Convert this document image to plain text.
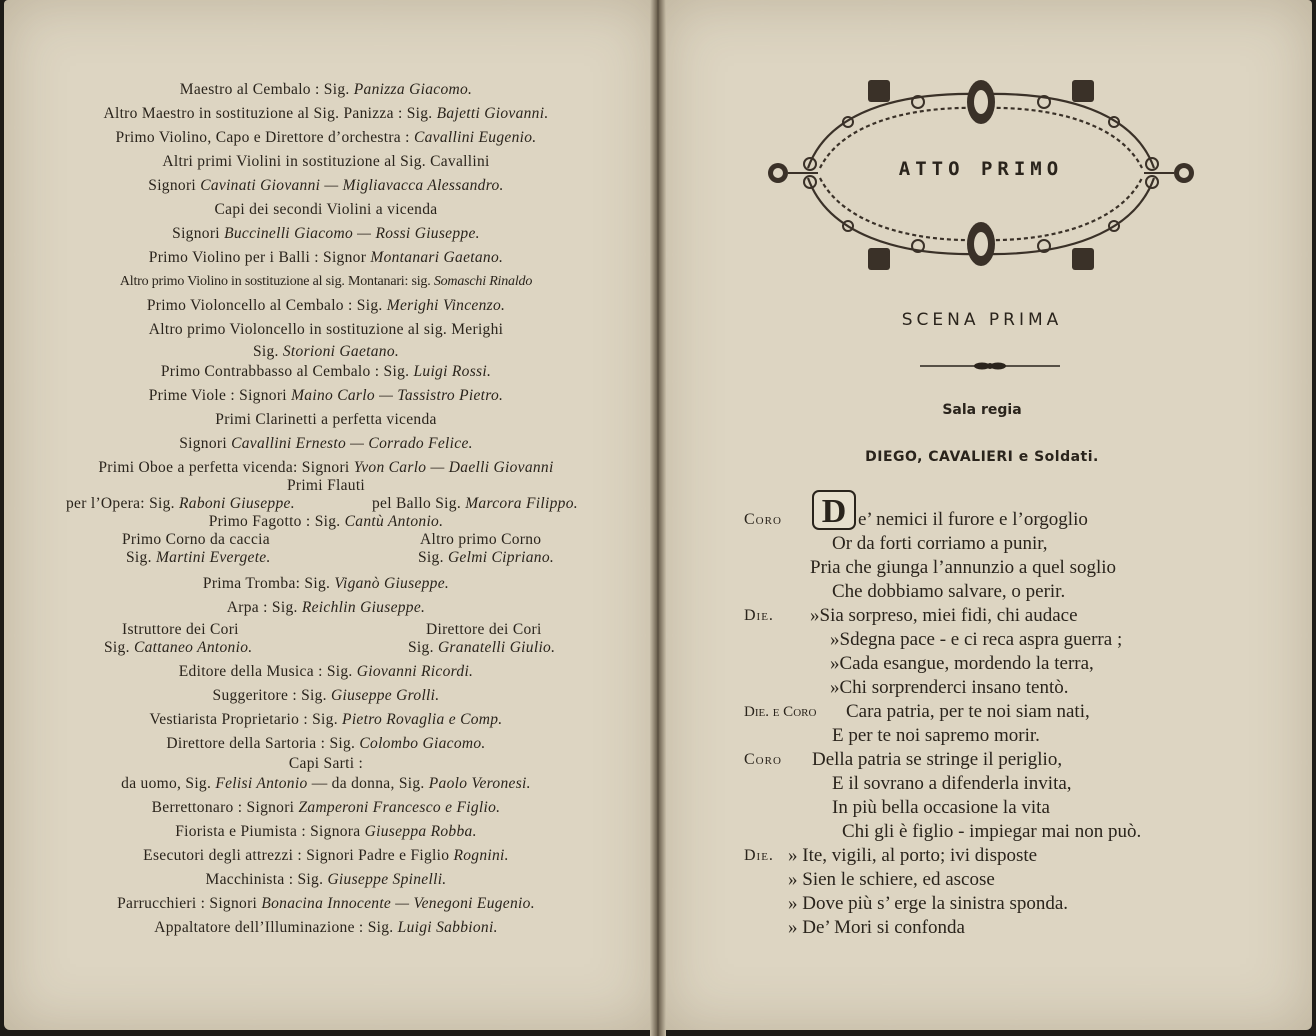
Maestro al Cembalo : Sig. Panizza Giacomo.
Altro Maestro in sostituzione al Sig. Panizza : Sig. Bajetti Giovanni.
Primo Violino, Capo e Direttore d’orchestra : Cavallini Eugenio.
Altri primi Violini in sostituzione al Sig. Cavallini
Signori Cavinati Giovanni — Migliavacca Alessandro.
Capi dei secondi Violini a vicenda
Signori Buccinelli Giacomo — Rossi Giuseppe.
Primo Violino per i Balli : Signor Montanari Gaetano.
Altro primo Violino in sostituzione al sig. Montanari: sig. Somaschi Rinaldo
Primo Violoncello al Cembalo : Sig. Merighi Vincenzo.
Altro primo Violoncello in sostituzione al sig. Merighi
Sig. Storioni Gaetano.
Primo Contrabbasso al Cembalo : Sig. Luigi Rossi.
Prime Viole : Signori Maino Carlo — Tassistro Pietro.
Primi Clarinetti a perfetta vicenda
Signori Cavallini Ernesto — Corrado Felice.
Primi Oboe a perfetta vicenda: Signori Yvon Carlo — Daelli Giovanni
Primi Flauti
per l’Opera: Sig. Raboni Giuseppe.	pel Ballo Sig. Marcora Filippo.
Primo Fagotto : Sig. Cantù Antonio.
Primo Corno da caccia	Altro primo Corno
Sig. Martini Evergete.	Sig. Gelmi Cipriano.
Prima Tromba: Sig. Viganò Giuseppe.
Arpa : Sig. Reichlin Giuseppe.
Istruttore dei Cori	Direttore dei Cori
Sig. Cattaneo Antonio.	Sig. Granatelli Giulio.
Editore della Musica : Sig. Giovanni Ricordi.
Suggeritore : Sig. Giuseppe Grolli.
Vestiarista Proprietario : Sig. Pietro Rovaglia e Comp.
Direttore della Sartoria : Sig. Colombo Giacomo.
Capi Sarti :
da uomo, Sig. Felisi Antonio — da donna, Sig. Paolo Veronesi.
Berrettonaro : Signori Zamperoni Francesco e Figlio.
Fiorista e Piumista : Signora Giuseppa Robba.
Esecutori degli attrezzi : Signori Padre e Figlio Rognini.
Macchinista : Sig. Giuseppe Spinelli.
Parrucchieri : Signori Bonacina Innocente — Venegoni Eugenio.
Appaltatore dell’Illuminazione : Sig. Luigi Sabbioni.
ATTO PRIMO
SCENA PRIMA
Sala regia
DIEGO, CAVALIERI e Soldati.
D
Coro	e’ nemici il furore e l’orgoglio
Or da forti corriamo a punir,
Pria che giunga l’annunzio a quel soglio
Che dobbiamo salvare, o perir.
Die. »Sia sorpreso, miei fidi, chi audace
»Sdegna pace - e ci reca aspra guerra ;
»Cada esangue, mordendo la terra,
»Chi sorprenderci insano tentò.
Die. e Coro Cara patria, per te noi siam nati,
E per te noi sapremo morir.
Coro Della patria se stringe il periglio,
E il sovrano a difenderla invita,
In più bella occasione la vita
Chi gli è figlio - impiegar mai non può.
Die. » Ite, vigili, al porto; ivi disposte
» Sien le schiere, ed ascose
» Dove più s’ erge la sinistra sponda.
» De’ Mori si confonda
